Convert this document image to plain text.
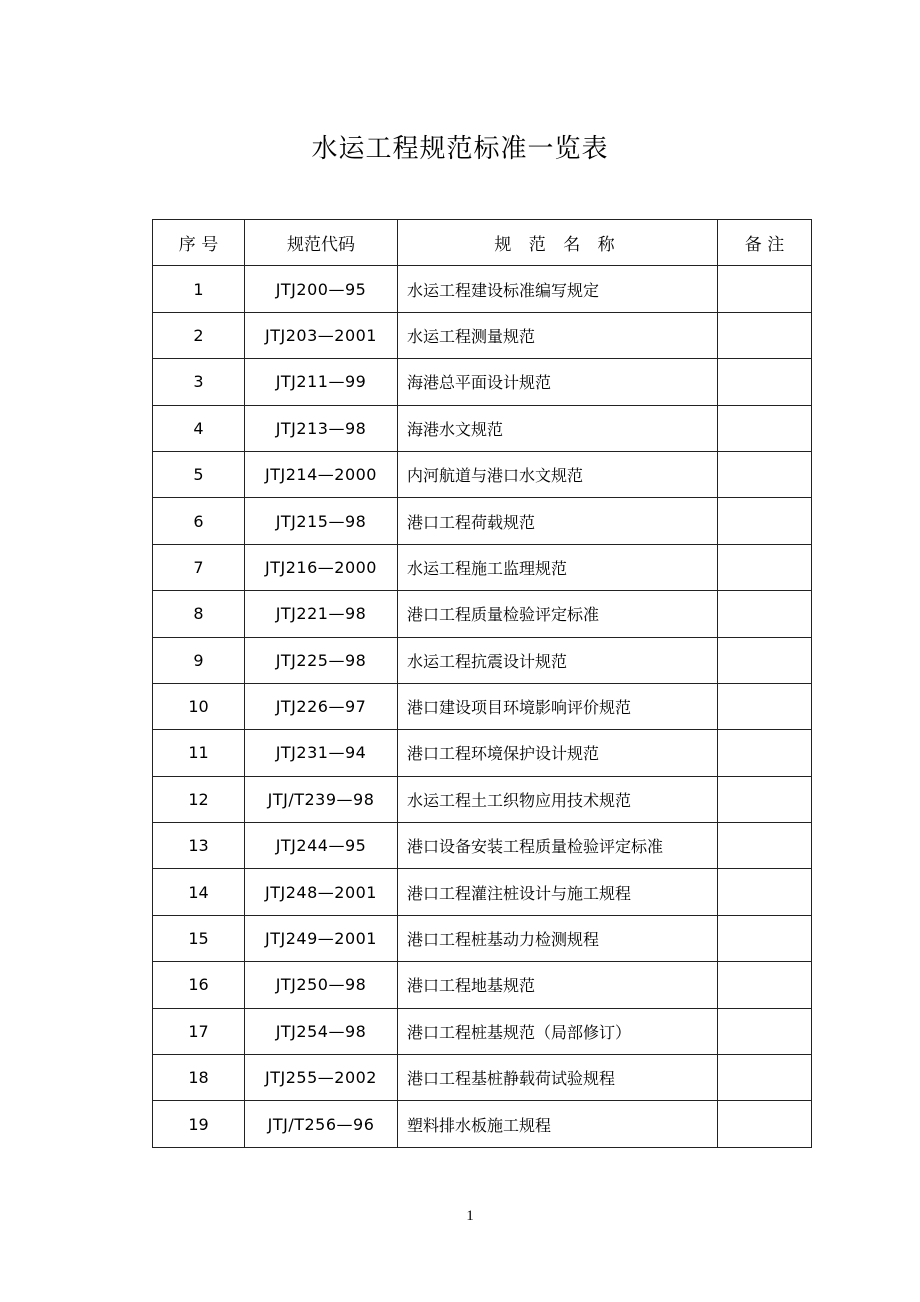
水运工程规范标准一览表
序 号	规范代码	规 范 名 称	备 注
1	JTJ200—95	水运工程建设标准编写规定	
2	JTJ203—2001	水运工程测量规范	
3	JTJ211—99	海港总平面设计规范	
4	JTJ213—98	海港水文规范	
5	JTJ214—2000	内河航道与港口水文规范	
6	JTJ215—98	港口工程荷载规范	
7	JTJ216—2000	水运工程施工监理规范	
8	JTJ221—98	港口工程质量检验评定标准	
9	JTJ225—98	水运工程抗震设计规范	
10	JTJ226—97	港口建设项目环境影响评价规范	
11	JTJ231—94	港口工程环境保护设计规范	
12	JTJ/T239—98	水运工程土工织物应用技术规范	
13	JTJ244—95	港口设备安装工程质量检验评定标准	
14	JTJ248—2001	港口工程灌注桩设计与施工规程	
15	JTJ249—2001	港口工程桩基动力检测规程	
16	JTJ250—98	港口工程地基规范	
17	JTJ254—98	港口工程桩基规范（局部修订）	
18	JTJ255—2002	港口工程基桩静载荷试验规程	
19	JTJ/T256—96	塑料排水板施工规程	
1
